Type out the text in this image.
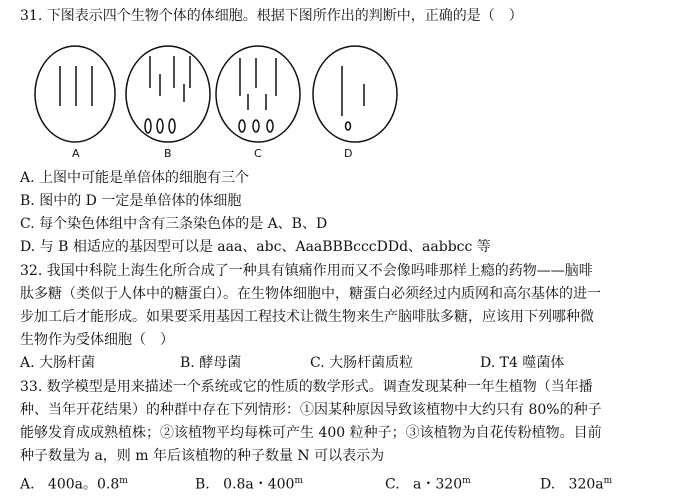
31. 下图表示四个生物个体的体细胞。根据下图所作出的判断中，正确的是（　）
A	B	C	D
A. 上图中可能是单倍体的细胞有三个
B. 图中的 D 一定是单倍体的体细胞
C. 每个染色体组中含有三条染色体的是 A、B、D
D. 与 B 相适应的基因型可以是 aaa、abc、AaaBBBcccDDd、aabbcc 等
32. 我国中科院上海生化所合成了一种具有镇痛作用而又不会像吗啡那样上瘾的药物——脑啡
肽多糖（类似于人体中的糖蛋白）。在生物体细胞中，糖蛋白必须经过内质网和高尔基体的进一
步加工后才能形成。如果要采用基因工程技术让微生物来生产脑啡肽多糖，应该用下列哪种微
生物作为受体细胞（　）
A. 大肠杆菌	B. 酵母菌	C. 大肠杆菌质粒	D. T4 噬菌体
33. 数学模型是用来描述一个系统或它的性质的数学形式。调查发现某种一年生植物（当年播
种、当年开花结果）的种群中存在下列情形：①因某种原因导致该植物中大约只有 80%的种子
能够发育成成熟植株；②该植物平均每株可产生 400 粒种子；③该植物为自花传粉植物。目前
种子数量为 a，则 m 年后该植物的种子数量 N 可以表示为
A. 400a。0.8$^m$	B. 0.8a・400$^m$	C. a・320$^m$	D. $320a^m$
